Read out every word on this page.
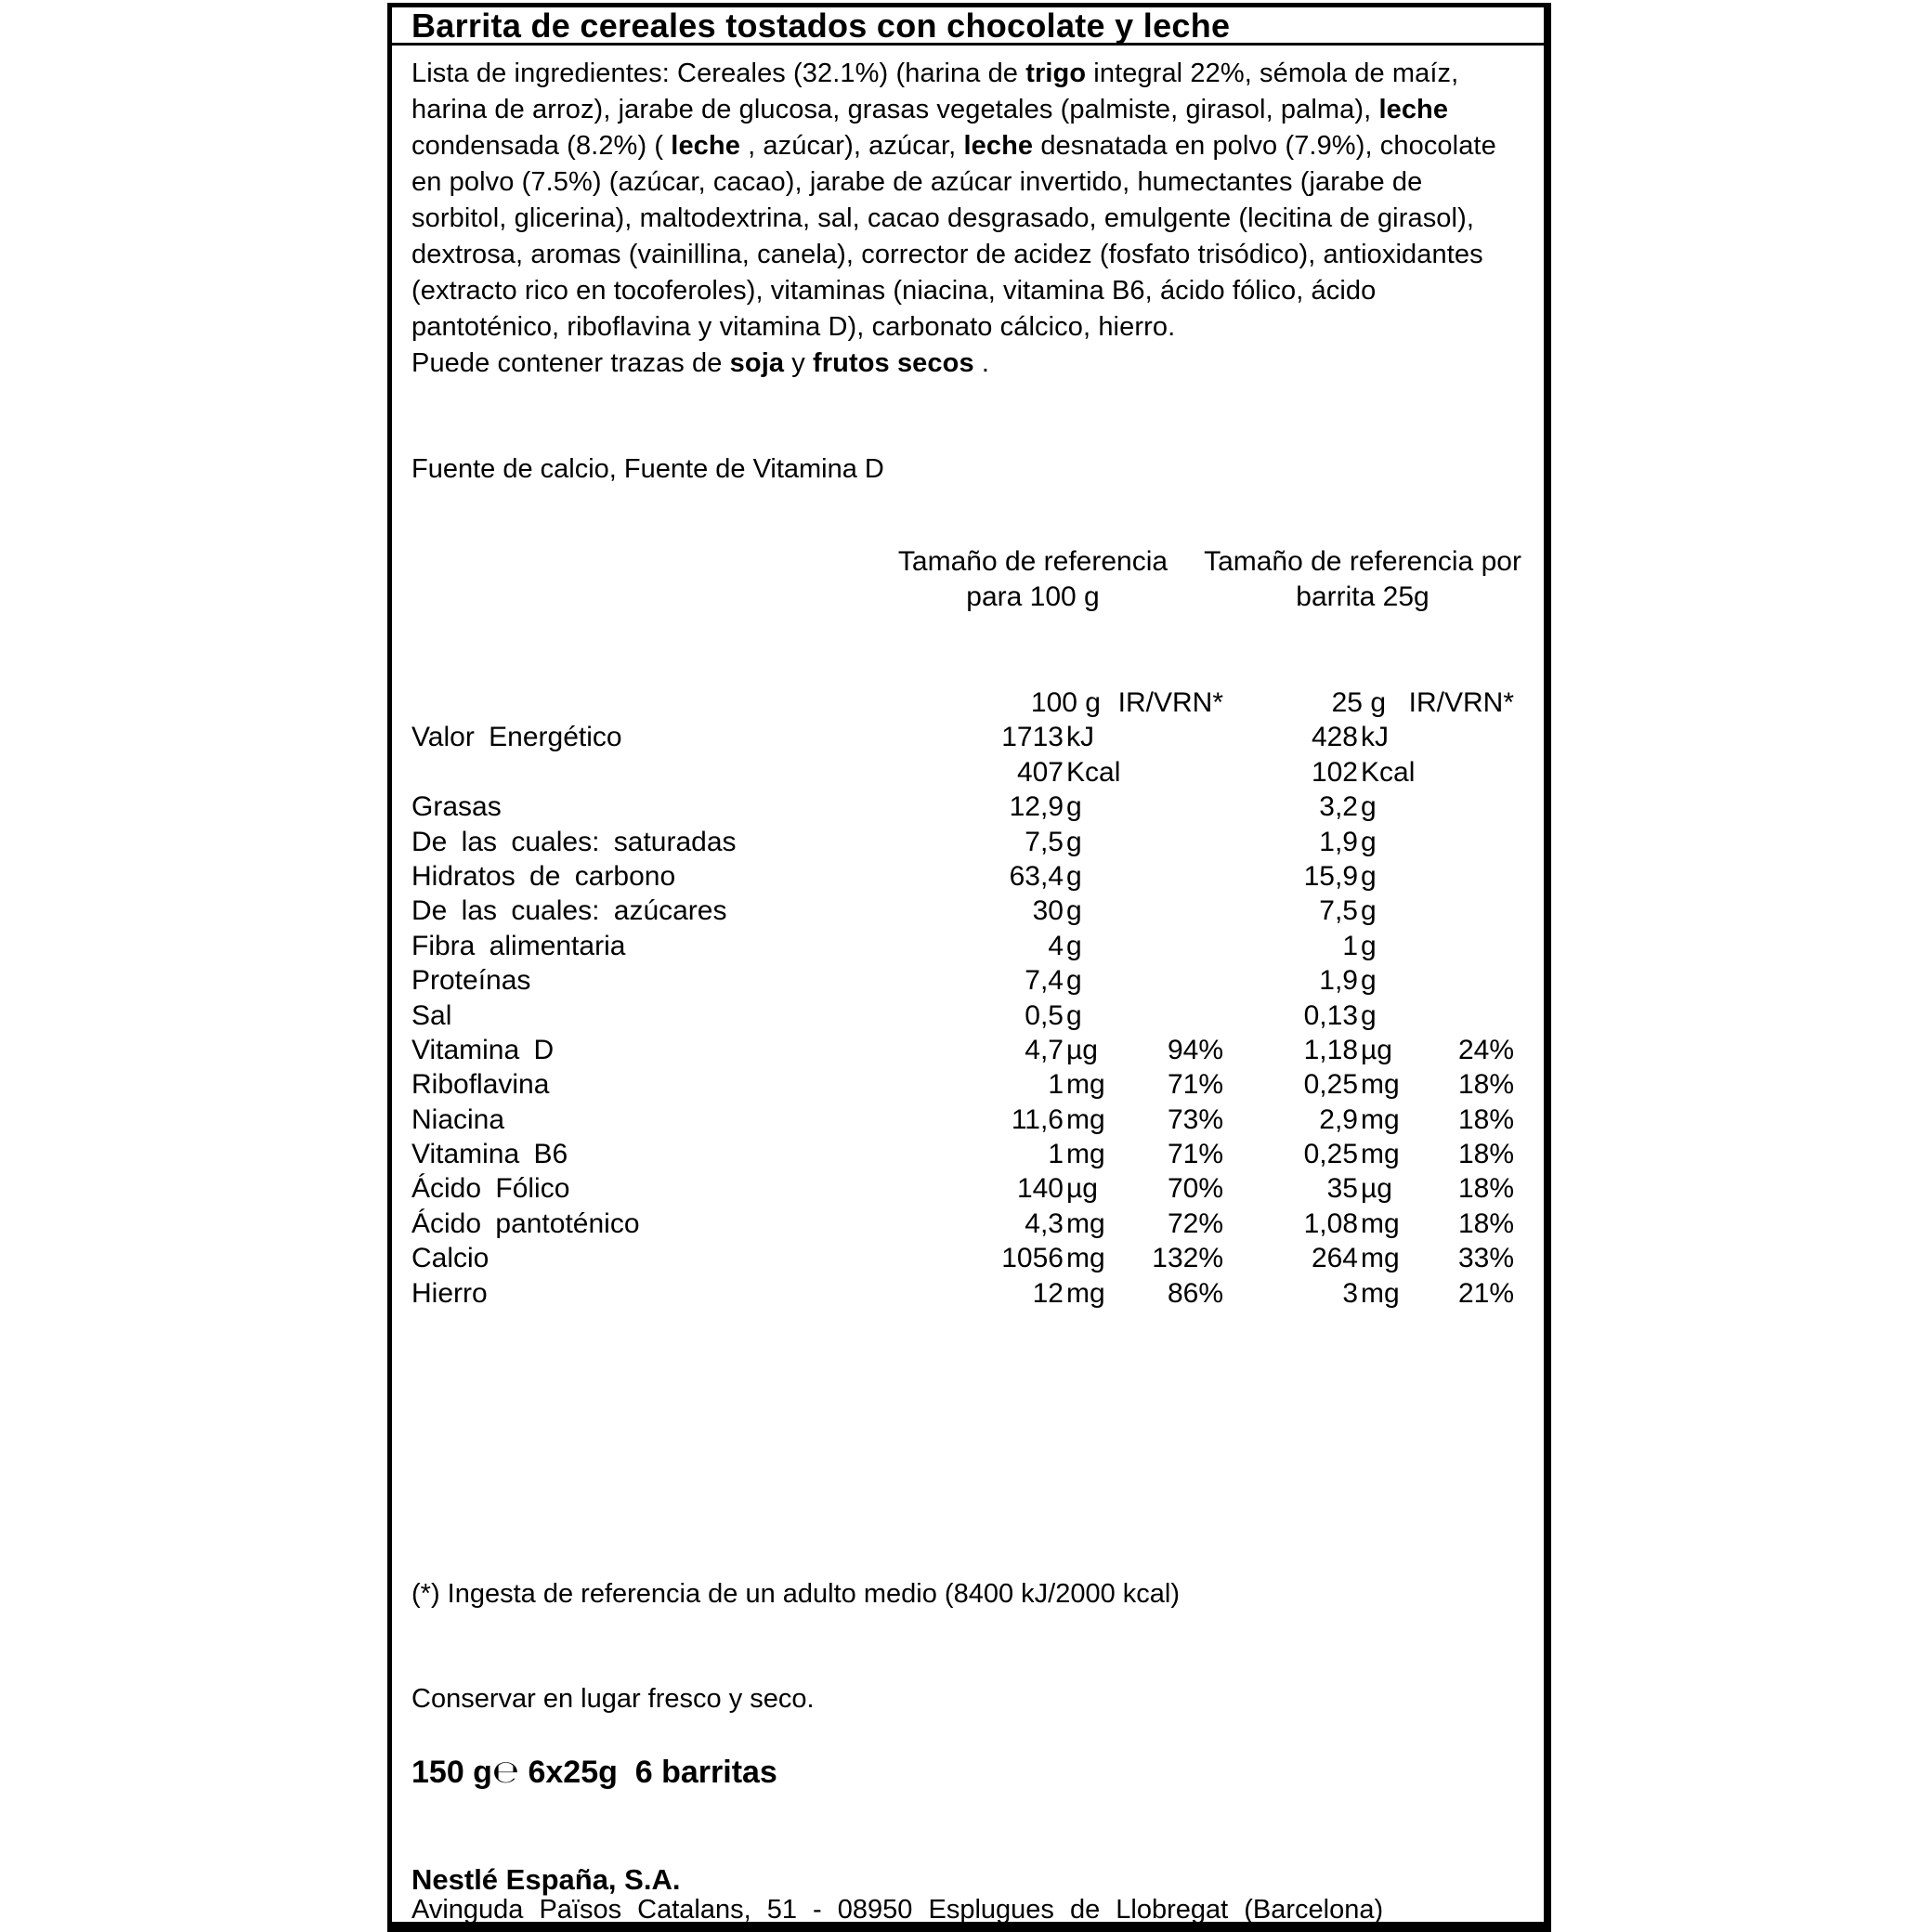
Barrita de cereales tostados con chocolate y leche

Lista de ingredientes: Cereales (32.1%) (harina de trigo integral 22%, sémola de maíz, harina de arroz), jarabe de glucosa, grasas vegetales (palmiste, girasol, palma), leche condensada (8.2%) ( leche , azúcar), azúcar, leche desnatada en polvo (7.9%), chocolate en polvo (7.5%) (azúcar, cacao), jarabe de azúcar invertido, humectantes (jarabe de sorbitol, glicerina), maltodextrina, sal, cacao desgrasado, emulgente (lecitina de girasol), dextrosa, aromas (vainillina, canela), corrector de acidez (fosfato trisódico), antioxidantes (extracto rico en tocoferoles), vitaminas (niacina, vitamina B6, ácido fólico, ácido pantoténico, riboflavina y vitamina D), carbonato cálcico, hierro.

Puede contener trazas de soja y frutos secos .

Fuente de calcio, Fuente de Vitamina D
Tamaño de referencia
para 100 g
Tamaño de referencia por
barrita 25g
100 g IR/VRN*	25 g IR/VRN*
Valor Energético	1713 kJ	428 kJ
407 Kcal	102 Kcal
Grasas	12,9 g	3,2 g
De las cuales: saturadas	7,5 g	1,9 g
Hidratos de carbono	63,4 g	15,9 g
De las cuales: azúcares	30 g	7,5 g
Fibra alimentaria	4 g	1 g
Proteínas	7,4 g	1,9 g
Sal	0,5 g	0,13 g
Vitamina D	4,7 µg	94%	1,18 µg	24%
Riboflavina	1 mg	71%	0,25 mg	18%
Niacina	11,6 mg	73%	2,9 mg	18%
Vitamina B6	1 mg	71%	0,25 mg	18%
Ácido Fólico	140 µg	70%	35 µg	18%
Ácido pantoténico	4,3 mg	72%	1,08 mg	18%
Calcio	1056 mg	132%	264 mg	33%
Hierro	12 mg	86%	3 mg	21%
(*) Ingesta de referencia de un adulto medio (8400 kJ/2000 kcal)
Conservar en lugar fresco y seco.
150 g℮ 6x25g  6 barritas
Nestlé España, S.A.
Avinguda Països Catalans, 51 - 08950 Esplugues de Llobregat (Barcelona)
